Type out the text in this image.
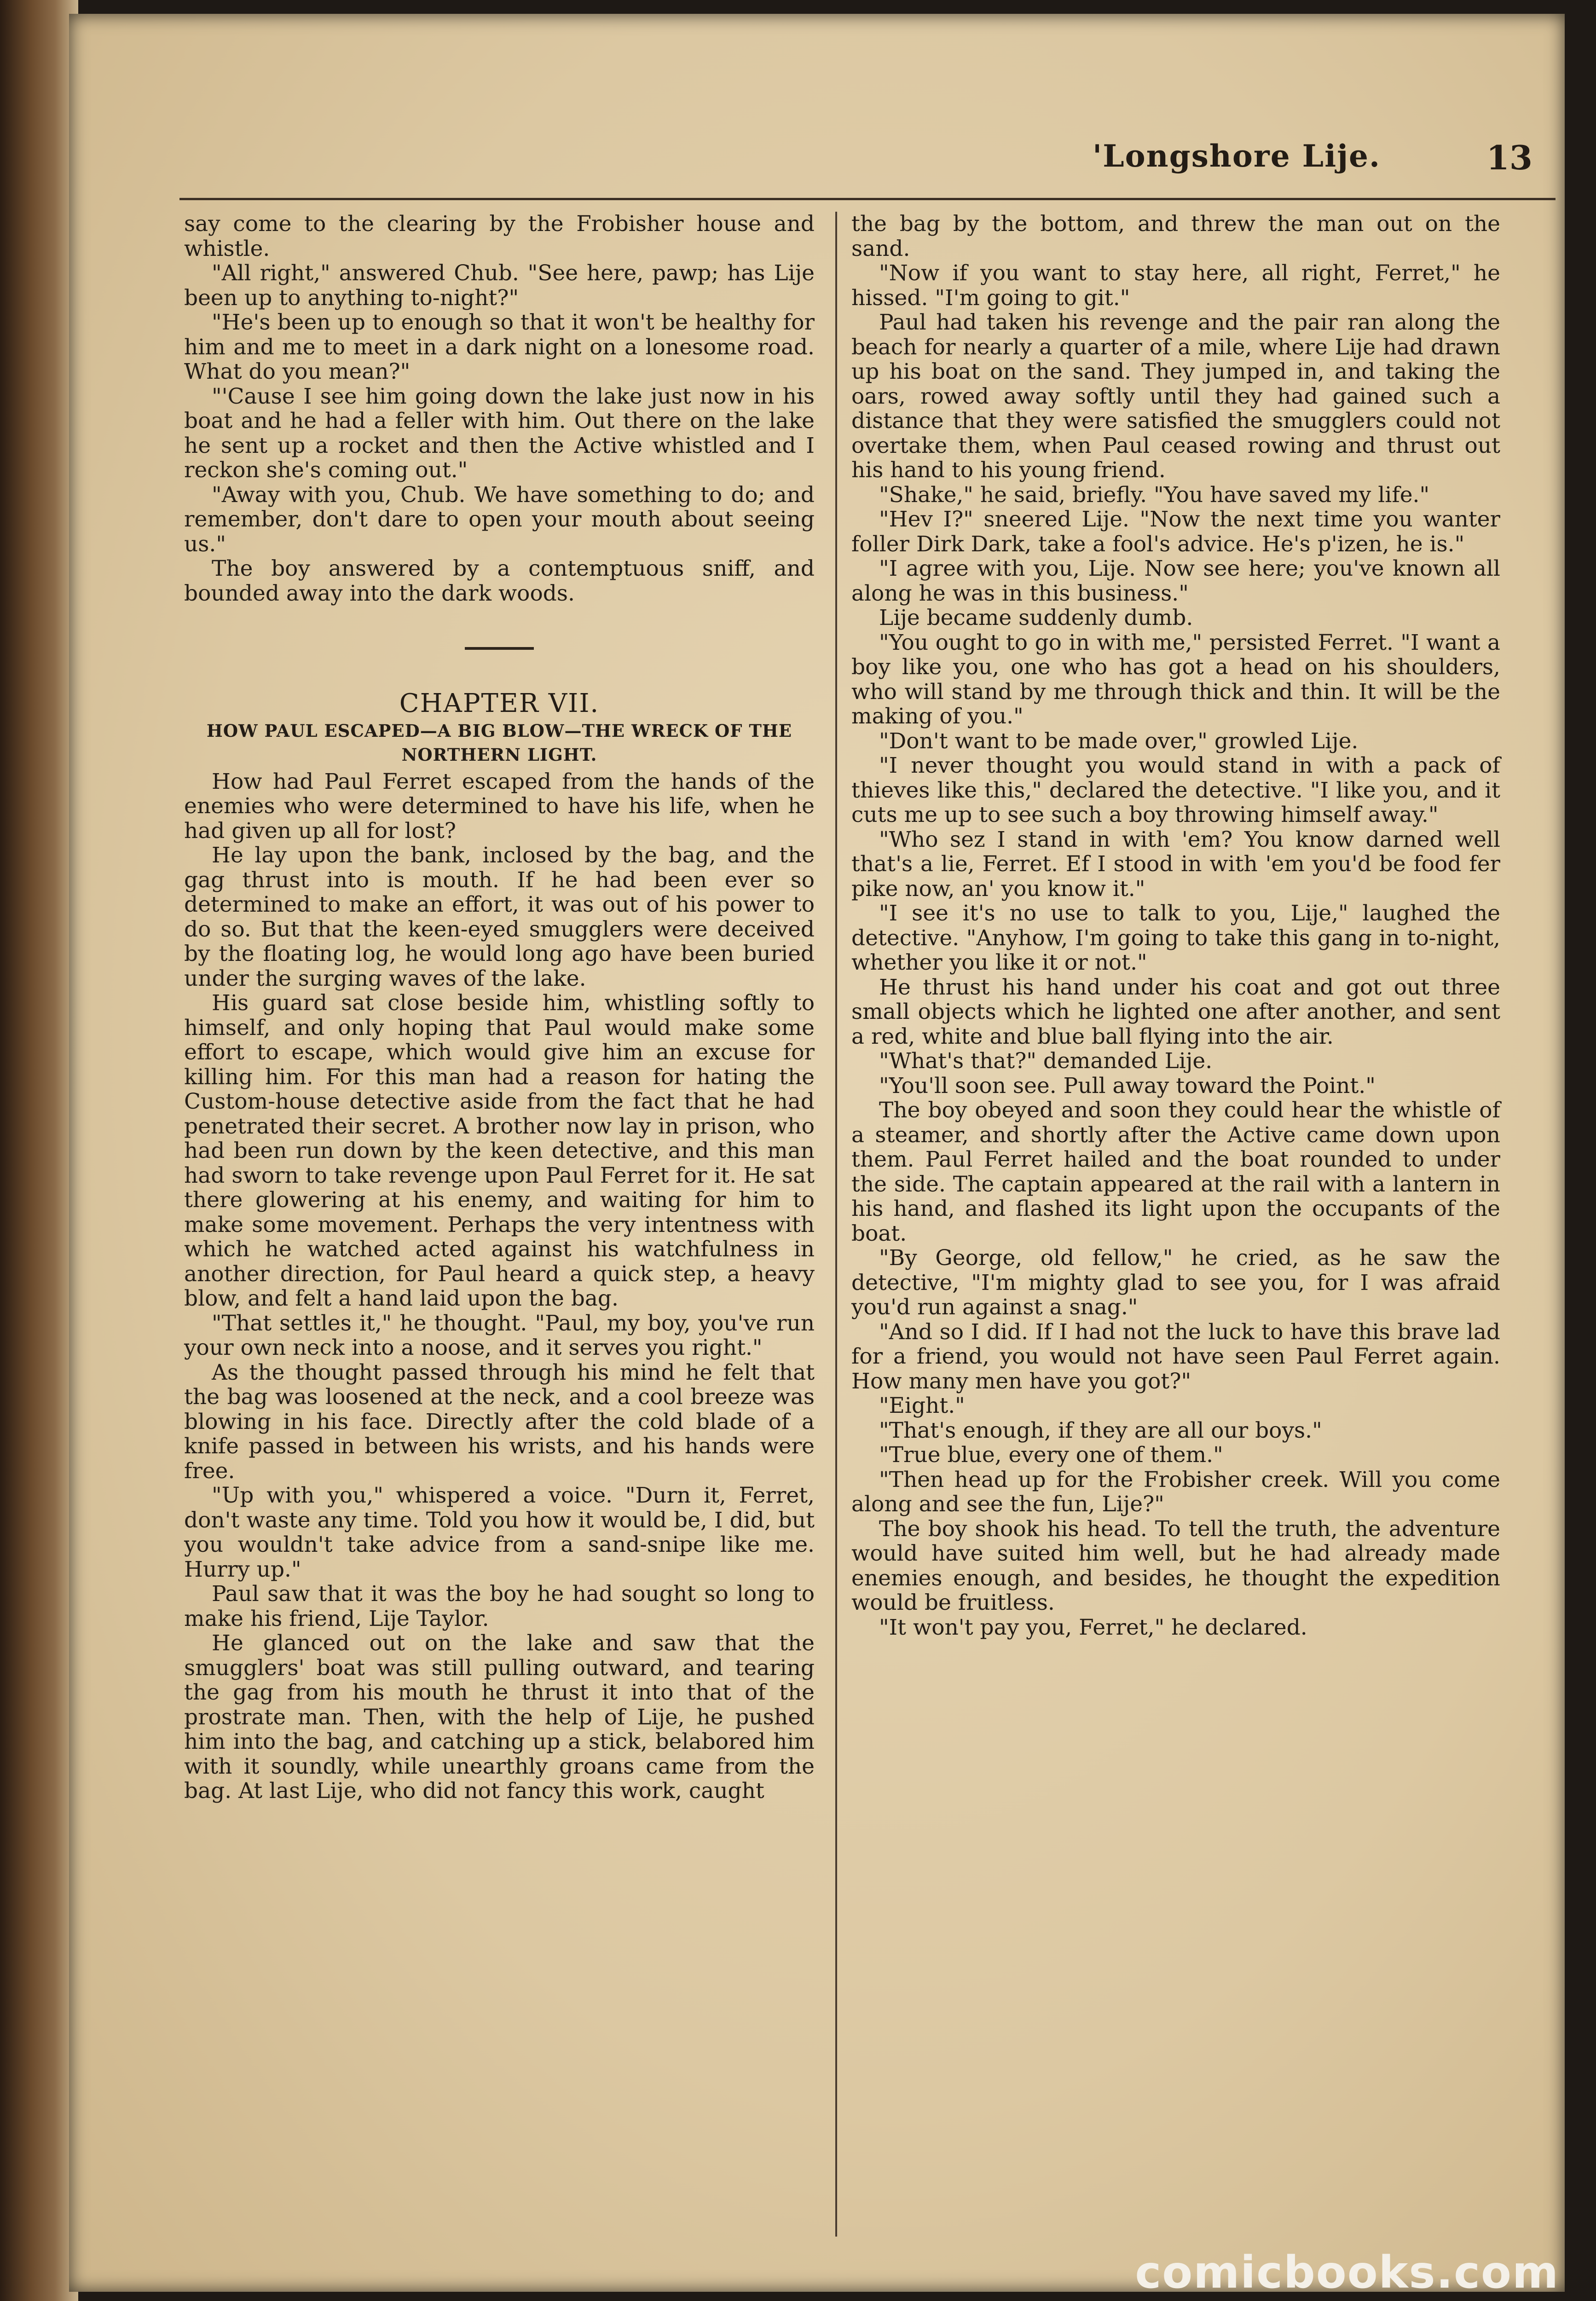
'Longshore Lije.	13

say come to the clearing by the Frobisher house and whistle.

"All right," answered Chub. "See here, pawp; has Lije been up to anything to-night?"

"He's been up to enough so that it won't be healthy for him and me to meet in a dark night on a lonesome road. What do you mean?"

"'Cause I see him going down the lake just now in his boat and he had a feller with him. Out there on the lake he sent up a rocket and then the Active whistled and I reckon she's coming out."

"Away with you, Chub. We have something to do; and remember, don't dare to open your mouth about seeing us."

The boy answered by a contemptuous sniff, and bounded away into the dark woods.

CHAPTER VII.
HOW PAUL ESCAPED—A BIG BLOW—THE WRECK OF THE NORTHERN LIGHT.

How had Paul Ferret escaped from the hands of the enemies who were determined to have his life, when he had given up all for lost?

He lay upon the bank, inclosed by the bag, and the gag thrust into is mouth. If he had been ever so determined to make an effort, it was out of his power to do so. But that the keen-eyed smugglers were deceived by the floating log, he would long ago have been buried under the surging waves of the lake.

His guard sat close beside him, whistling softly to himself, and only hoping that Paul would make some effort to escape, which would give him an excuse for killing him. For this man had a reason for hating the Custom-house detective aside from the fact that he had penetrated their secret. A brother now lay in prison, who had been run down by the keen detective, and this man had sworn to take revenge upon Paul Ferret for it. He sat there glowering at his enemy, and waiting for him to make some movement. Perhaps the very intentness with which he watched acted against his watchfulness in another direction, for Paul heard a quick step, a heavy blow, and felt a hand laid upon the bag.

"That settles it," he thought. "Paul, my boy, you've run your own neck into a noose, and it serves you right."

As the thought passed through his mind he felt that the bag was loosened at the neck, and a cool breeze was blowing in his face. Directly after the cold blade of a knife passed in between his wrists, and his hands were free.

"Up with you," whispered a voice. "Durn it, Ferret, don't waste any time. Told you how it would be, I did, but you wouldn't take advice from a sand-snipe like me. Hurry up."

Paul saw that it was the boy he had sought so long to make his friend, Lije Taylor.

He glanced out on the lake and saw that the smugglers' boat was still pulling outward, and tearing the gag from his mouth he thrust it into that of the prostrate man. Then, with the help of Lije, he pushed him into the bag, and catching up a stick, belabored him with it soundly, while unearthly groans came from the bag. At last Lije, who did not fancy this work, caught

the bag by the bottom, and threw the man out on the sand.

"Now if you want to stay here, all right, Ferret," he hissed. "I'm going to git."

Paul had taken his revenge and the pair ran along the beach for nearly a quarter of a mile, where Lije had drawn up his boat on the sand. They jumped in, and taking the oars, rowed away softly until they had gained such a distance that they were satisfied the smugglers could not overtake them, when Paul ceased rowing and thrust out his hand to his young friend.

"Shake," he said, briefly. "You have saved my life."

"Hev I?" sneered Lije. "Now the next time you wanter foller Dirk Dark, take a fool's advice. He's p'izen, he is."

"I agree with you, Lije. Now see here; you've known all along he was in this business."

Lije became suddenly dumb.

"You ought to go in with me," persisted Ferret. "I want a boy like you, one who has got a head on his shoulders, who will stand by me through thick and thin. It will be the making of you."

"Don't want to be made over," growled Lije.

"I never thought you would stand in with a pack of thieves like this," declared the detective. "I like you, and it cuts me up to see such a boy throwing himself away."

"Who sez I stand in with 'em? You know darned well that's a lie, Ferret. Ef I stood in with 'em you'd be food fer pike now, an' you know it."

"I see it's no use to talk to you, Lije," laughed the detective. "Anyhow, I'm going to take this gang in to-night, whether you like it or not."

He thrust his hand under his coat and got out three small objects which he lighted one after another, and sent a red, white and blue ball flying into the air.

"What's that?" demanded Lije.

"You'll soon see. Pull away toward the Point."

The boy obeyed and soon they could hear the whistle of a steamer, and shortly after the Active came down upon them. Paul Ferret hailed and the boat rounded to under the side. The captain appeared at the rail with a lantern in his hand, and flashed its light upon the occupants of the boat.

"By George, old fellow," he cried, as he saw the detective, "I'm mighty glad to see you, for I was afraid you'd run against a snag."

"And so I did. If I had not the luck to have this brave lad for a friend, you would not have seen Paul Ferret again. How many men have you got?"

"Eight."

"That's enough, if they are all our boys."

"True blue, every one of them."

"Then head up for the Frobisher creek. Will you come along and see the fun, Lije?"

The boy shook his head. To tell the truth, the adventure would have suited him well, but he had already made enemies enough, and besides, he thought the expedition would be fruitless.

"It won't pay you, Ferret," he declared.

comicbooks.com
